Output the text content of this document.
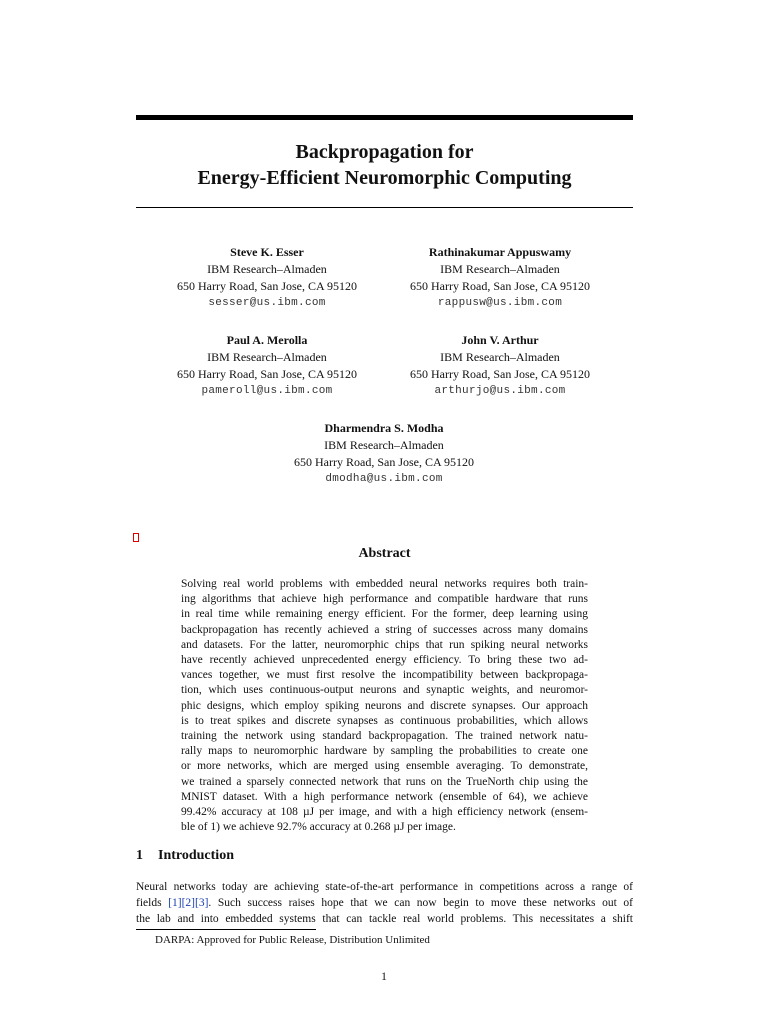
Backpropagation for
Energy-Efficient Neuromorphic Computing
Steve K. Esser
IBM Research–Almaden
650 Harry Road, San Jose, CA 95120
sesser@us.ibm.com
Rathinakumar Appuswamy
IBM Research–Almaden
650 Harry Road, San Jose, CA 95120
rappusw@us.ibm.com
Paul A. Merolla
IBM Research–Almaden
650 Harry Road, San Jose, CA 95120
pameroll@us.ibm.com
John V. Arthur
IBM Research–Almaden
650 Harry Road, San Jose, CA 95120
arthurjo@us.ibm.com
Dharmendra S. Modha
IBM Research–Almaden
650 Harry Road, San Jose, CA 95120
dmodha@us.ibm.com
Abstract
Solving real world problems with embedded neural networks requires both train-
ing algorithms that achieve high performance and compatible hardware that runs
in real time while remaining energy efficient. For the former, deep learning using
backpropagation has recently achieved a string of successes across many domains
and datasets. For the latter, neuromorphic chips that run spiking neural networks
have recently achieved unprecedented energy efficiency. To bring these two ad-
vances together, we must first resolve the incompatibility between backpropaga-
tion, which uses continuous-output neurons and synaptic weights, and neuromor-
phic designs, which employ spiking neurons and discrete synapses. Our approach
is to treat spikes and discrete synapses as continuous probabilities, which allows
training the network using standard backpropagation. The trained network natu-
rally maps to neuromorphic hardware by sampling the probabilities to create one
or more networks, which are merged using ensemble averaging. To demonstrate,
we trained a sparsely connected network that runs on the TrueNorth chip using the
MNIST dataset. With a high performance network (ensemble of 64), we achieve
99.42% accuracy at 108 µJ per image, and with a high efficiency network (ensem-
ble of 1) we achieve 92.7% accuracy at 0.268 µJ per image.
1 Introduction
Neural networks today are achieving state-of-the-art performance in competitions across a range of
fields [1][2][3]. Such success raises hope that we can now begin to move these networks out of
the lab and into embedded systems that can tackle real world problems. This necessitates a shift
DARPA: Approved for Public Release, Distribution Unlimited
1
